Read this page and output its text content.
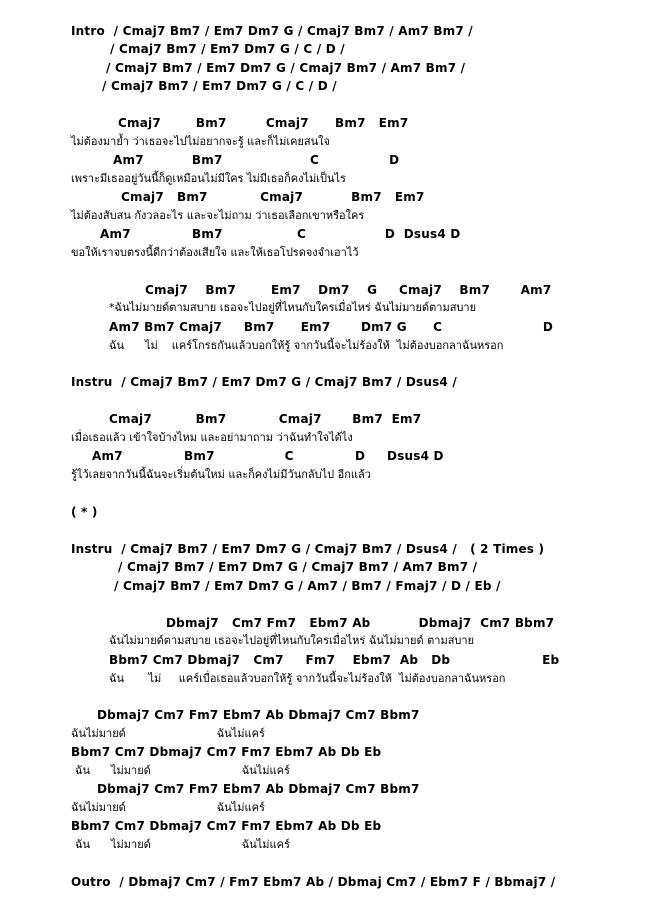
Intro  / Cmaj7 Bm7 / Em7 Dm7 G / Cmaj7 Bm7 / Am7 Bm7 /
/ Cmaj7 Bm7 / Em7 Dm7 G / C / D /
/ Cmaj7 Bm7 / Em7 Dm7 G / Cmaj7 Bm7 / Am7 Bm7 /
/ Cmaj7 Bm7 / Em7 Dm7 G / C / D /
Cmaj7        Bm7         Cmaj7      Bm7   Em7
ไม่ต้องมาย้ำ ว่าเธอจะไปไม่อยากจะรู้ และก็ไม่เคยสนใจ
Am7           Bm7                    C                D
เพราะมีเธออยู่วันนี้ก็ดูเหมือนไม่มีใคร ไม่มีเธอก็คงไม่เป็นไร
Cmaj7   Bm7            Cmaj7           Bm7   Em7
ไม่ต้องสับสน กังวลอะไร และจะไม่ถาม ว่าเธอเลือกเขาหรือใคร
Am7              Bm7                 C                  D  Dsus4 D
ขอให้เราจบตรงนี้ดีกว่าต้องเสียใจ และให้เธอโปรดจงจำเอาไว้
Cmaj7    Bm7        Em7    Dm7    G     Cmaj7    Bm7       Am7
*ฉันไม่มายด์ตามสบาย เธอจะไปอยู่ที่ไหนกับใครเมื่อไหร่ ฉันไม่มายด์ตามสบาย
Am7 Bm7 Cmaj7     Bm7      Em7       Dm7 G      C                       D
ฉัน      ไม่    แคร์โกรธกันแล้วบอกให้รู้ จากวันนี้จะไม่ร้องให้  ไม่ต้องบอกลาฉันหรอก
Instru  / Cmaj7 Bm7 / Em7 Dm7 G / Cmaj7 Bm7 / Dsus4 /
Cmaj7          Bm7            Cmaj7       Bm7  Em7
เมื่อเธอแล้ว เข้าใจบ้างไหม และอย่ามาถาม ว่าฉันทำใจได้ไง
Am7              Bm7                C              D     Dsus4 D
รู้ไว้เลยจากวันนี้ฉันจะเริ่มต้นใหม่ และก็คงไม่มีวันกลับไป อีกแล้ว
( * )
Instru  / Cmaj7 Bm7 / Em7 Dm7 G / Cmaj7 Bm7 / Dsus4 /   ( 2 Times )
/ Cmaj7 Bm7 / Em7 Dm7 G / Cmaj7 Bm7 / Am7 Bm7 /
/ Cmaj7 Bm7 / Em7 Dm7 G / Am7 / Bm7 / Fmaj7 / D / Eb /
Dbmaj7   Cm7 Fm7   Ebm7 Ab           Dbmaj7  Cm7 Bbm7
ฉันไม่มายด์ตามสบาย เธอจะไปอยู่ที่ไหนกับใครเมื่อไหร่ ฉันไม่มายด์ ตามสบาย
Bbm7 Cm7 Dbmaj7   Cm7     Fm7    Ebm7  Ab   Db                     Eb
ฉัน       ไม่     แคร์เบื่อเธอแล้วบอกให้รู้ จากวันนี้จะไม่ร้องให้  ไม่ต้องบอกลาฉันหรอก
Dbmaj7 Cm7 Fm7 Ebm7 Ab Dbmaj7 Cm7 Bbm7
ฉันไม่มายด์                          ฉันไม่แคร์
Bbm7 Cm7 Dbmaj7 Cm7 Fm7 Ebm7 Ab Db Eb
ฉัน      ไม่มายด์                          ฉันไม่แคร์
Dbmaj7 Cm7 Fm7 Ebm7 Ab Dbmaj7 Cm7 Bbm7
ฉันไม่มายด์                          ฉันไม่แคร์
Bbm7 Cm7 Dbmaj7 Cm7 Fm7 Ebm7 Ab Db Eb
ฉัน      ไม่มายด์                          ฉันไม่แคร์
Outro  / Dbmaj7 Cm7 / Fm7 Ebm7 Ab / Dbmaj Cm7 / Ebm7 F / Bbmaj7 /
